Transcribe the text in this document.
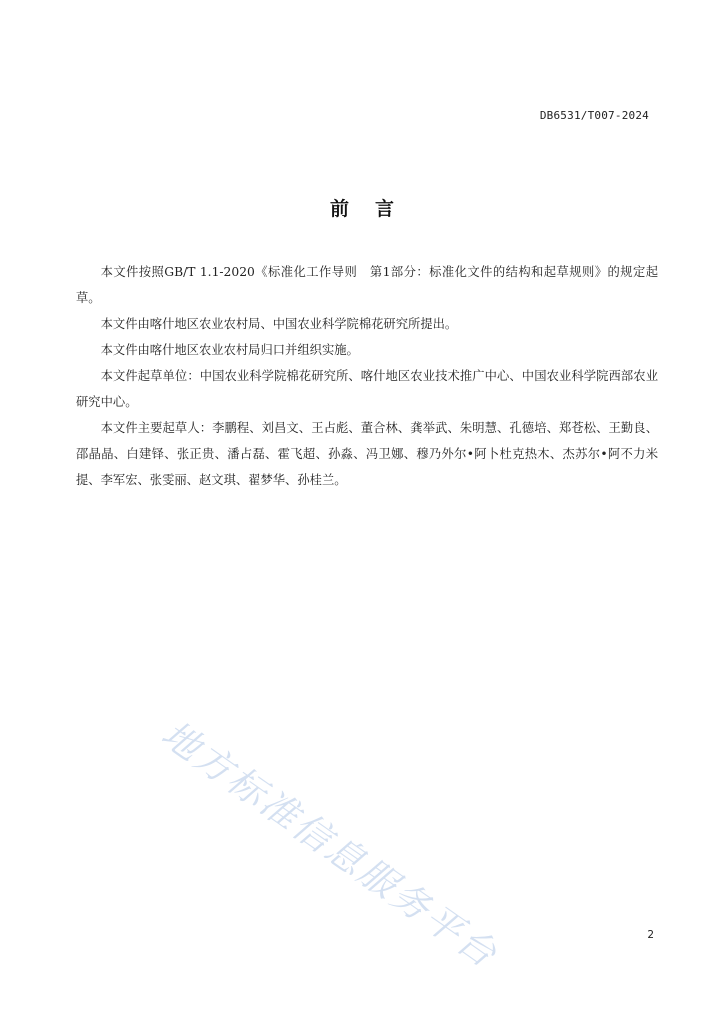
DB6531/T007-2024
前言

本文件按照GB/T 1.1-2020《标准化工作导则　第1部分：标准化文件的结构和起草规则》的规定起草。

本文件由喀什地区农业农村局、中国农业科学院棉花研究所提出。

本文件由喀什地区农业农村局归口并组织实施。

本文件起草单位：中国农业科学院棉花研究所、喀什地区农业技术推广中心、中国农业科学院西部农业研究中心。

本文件主要起草人：李鹏程、刘昌文、王占彪、董合林、龚举武、朱明慧、孔德培、郑苍松、王勤良、邵晶晶、白建铎、张正贵、潘占磊、霍飞超、孙淼、冯卫娜、穆乃外尔•阿卜杜克热木、杰苏尔•阿不力米提、李军宏、张雯丽、赵文琪、翟梦华、孙桂兰。

地方标准信息服务平台	2
